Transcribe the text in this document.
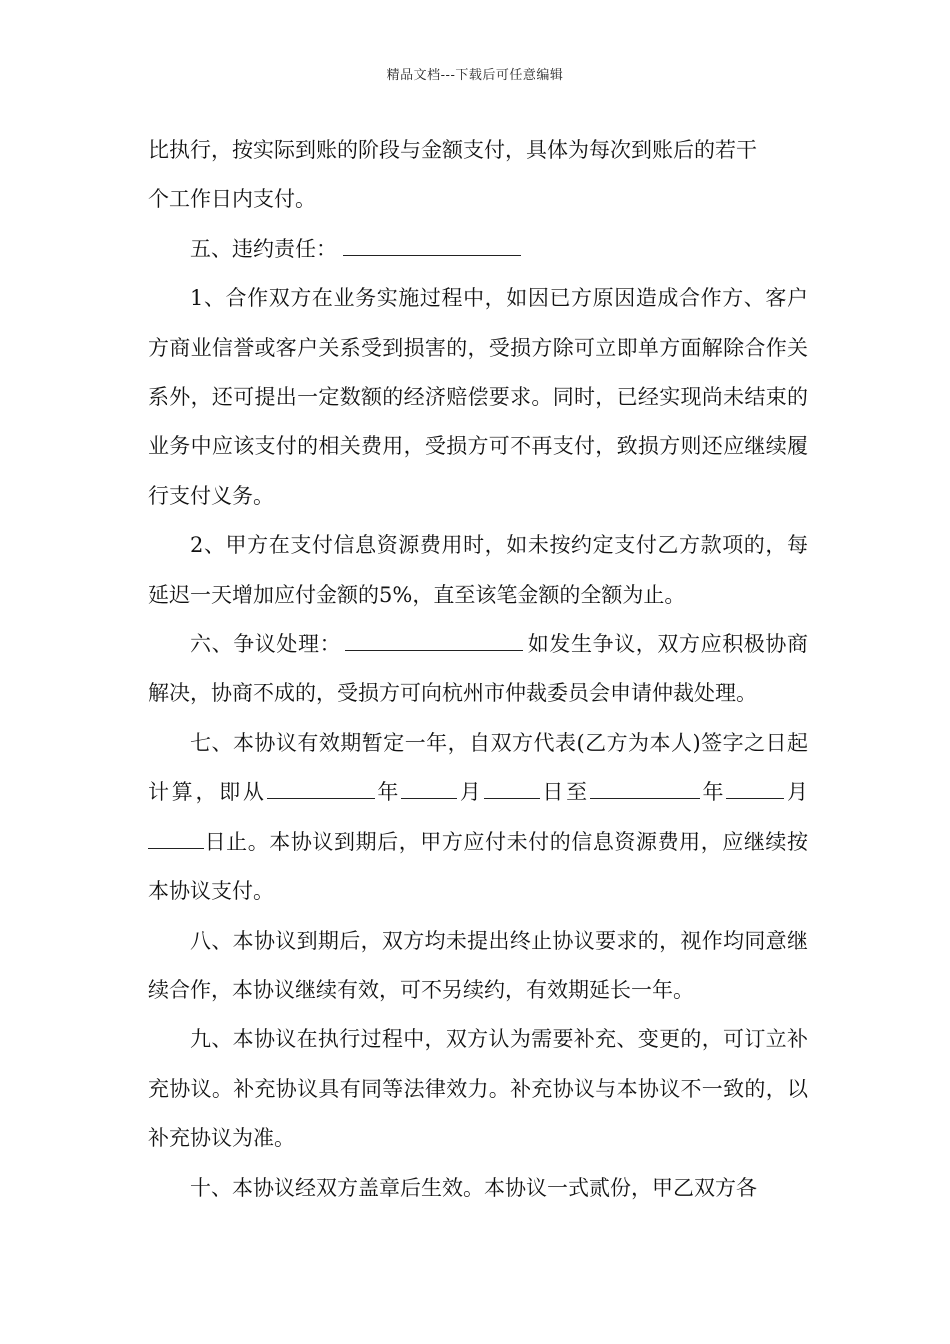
精品文档---下载后可任意编辑

比执行，按实际到账的阶段与金额支付，具体为每次到账后的若干
个工作日内支付。

五、违约责任：

1、合作双方在业务实施过程中，如因已方原因造成合作方、客户方商业信誉或客户关系受到损害的，受损方除可立即单方面解除合作关系外，还可提出一定数额的经济赔偿要求。同时，已经实现尚未结束的业务中应该支付的相关费用，受损方可不再支付，致损方则还应继续履行支付义务。

2、甲方在支付信息资源费用时，如未按约定支付乙方款项的，每延迟一天增加应付金额的5%，直至该笔金额的全额为止。

六、争议处理：	如发生争议，双方应积极协商解决，协商不成的，受损方可向杭州市仲裁委员会申请仲裁处理。

七、本协议有效期暂定一年，自双方代表(乙方为本人)签字之日起计算，即从	年	月	日至	年	月日止。本协议到期后，甲方应付未付的信息资源费用，应继续按本协议支付。

八、本协议到期后，双方均未提出终止协议要求的，视作均同意继续合作，本协议继续有效，可不另续约，有效期延长一年。

九、本协议在执行过程中，双方认为需要补充、变更的，可订立补充协议。补充协议具有同等法律效力。补充协议与本协议不一致的，以补充协议为准。

十、本协议经双方盖章后生效。本协议一式贰份，甲乙双方各
